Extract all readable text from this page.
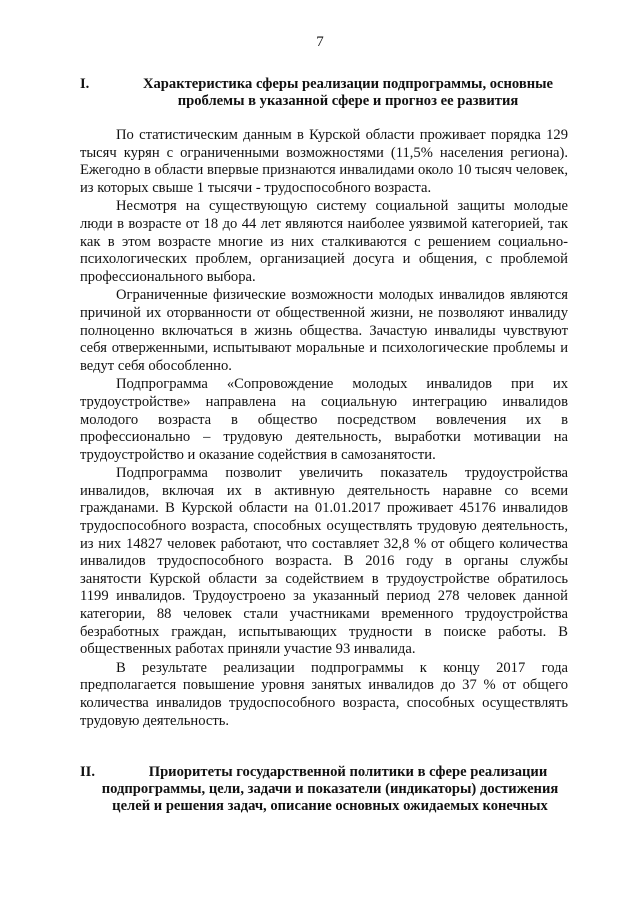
7
I.	Характеристика сферы реализации подпрограммы, основные
проблемы в указанной сфере и прогноз ее развития

По статистическим данным в Курской области проживает порядка 129 тысяч курян с ограниченными возможностями (11,5% населения региона). Ежегодно в области впервые признаются инвалидами около 10 тысяч человек, из которых свыше 1 тысячи - трудоспособного возраста.

Несмотря на существующую систему социальной защиты молодые люди в возрасте от 18 до 44 лет являются наиболее уязвимой категорией, так как в этом возрасте многие из них сталкиваются с решением социально-психологических проблем, организацией досуга и общения, с проблемой профессионального выбора.

Ограниченные физические возможности молодых инвалидов являются причиной их оторванности от общественной жизни, не позволяют инвалиду полноценно включаться в жизнь общества. Зачастую инвалиды чувствуют себя отверженными, испытывают моральные и психологические проблемы и ведут себя обособленно.

Подпрограмма «Сопровождение молодых инвалидов при их трудоустройстве» направлена на социальную интеграцию инвалидов молодого возраста в общество посредством вовлечения их в профессионально – трудовую деятельность, выработки мотивации на трудоустройство и оказание содействия в самозанятости.

Подпрограмма позволит увеличить показатель трудоустройства инвалидов, включая их в активную деятельность наравне со всеми гражданами. В Курской области на 01.01.2017 проживает 45176 инвалидов трудоспособного возраста, способных осуществлять трудовую деятельность, из них 14827 человек работают, что составляет 32,8 % от общего количества инвалидов трудоспособного возраста. В 2016 году в органы службы занятости Курской области за содействием в трудоустройстве обратилось 1199 инвалидов. Трудоустроено за указанный период 278 человек данной категории, 88 человек стали участниками временного трудоустройства безработных граждан, испытывающих трудности в поиске работы. В общественных работах приняли участие 93 инвалида.

В результате реализации подпрограммы к концу 2017 года предполагается повышение уровня занятых инвалидов до 37 % от общего количества инвалидов трудоспособного возраста, способных осуществлять трудовую деятельность.

II.	Приоритеты государственной политики в сфере реализации
подпрограммы, цели, задачи и показатели (индикаторы) достижения
целей и решения задач, описание основных ожидаемых конечных
